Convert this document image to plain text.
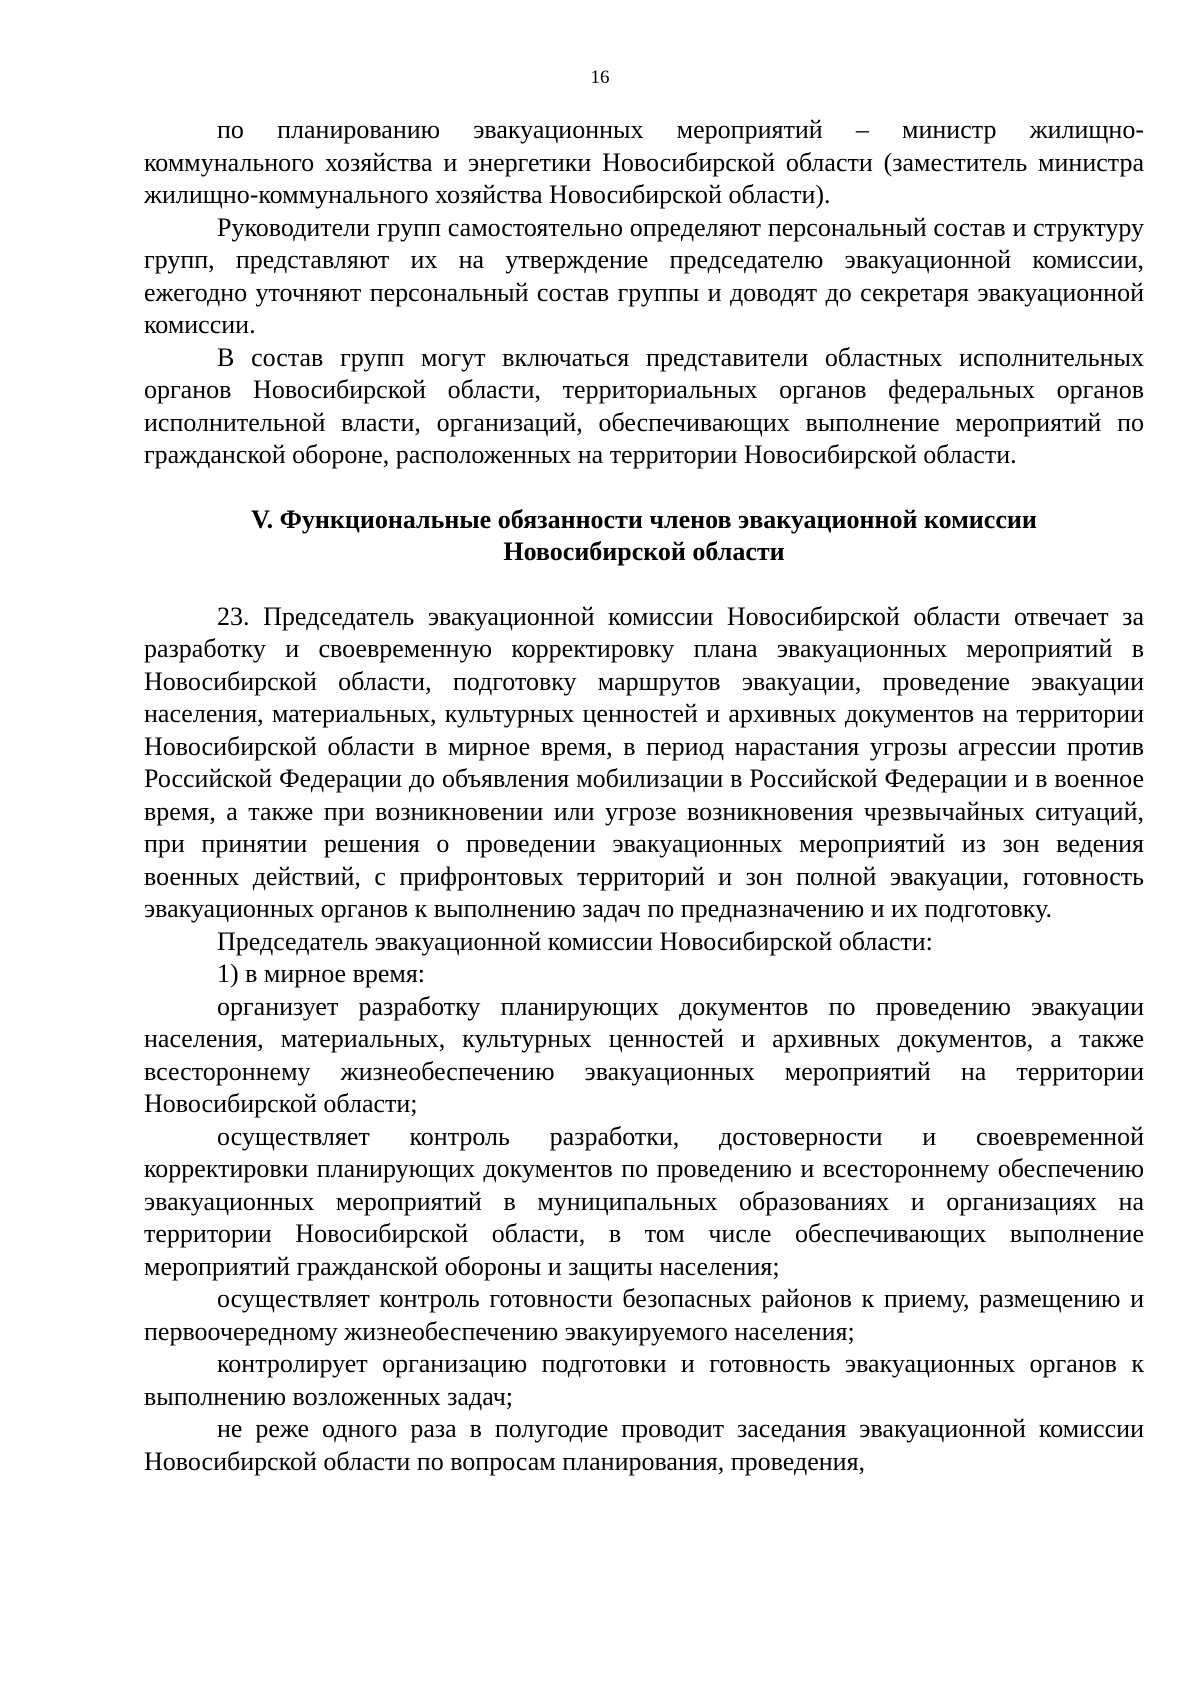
16

по планированию эвакуационных мероприятий – министр жилищно-коммунального хозяйства и энергетики Новосибирской области (заместитель министра жилищно-коммунального хозяйства Новосибирской области).

Руководители групп самостоятельно определяют персональный состав и структуру групп, представляют их на утверждение председателю эвакуационной комиссии, ежегодно уточняют персональный состав группы и доводят до секретаря эвакуационной комиссии.

В состав групп могут включаться представители областных исполнительных органов Новосибирской области, территориальных органов федеральных органов исполнительной власти, организаций, обеспечивающих выполнение мероприятий по гражданской обороне, расположенных на территории Новосибирской области.

V. Функциональные обязанности членов эвакуационной комиссии
Новосибирской области

23. Председатель эвакуационной комиссии Новосибирской области отвечает за разработку и своевременную корректировку плана эвакуационных мероприятий в Новосибирской области, подготовку маршрутов эвакуации, проведение эвакуации населения, материальных, культурных ценностей и архивных документов на территории Новосибирской области в мирное время, в период нарастания угрозы агрессии против Российской Федерации до объявления мобилизации в Российской Федерации и в военное время, а также при возникновении или угрозе возникновения чрезвычайных ситуаций, при принятии решения о проведении эвакуационных мероприятий из зон ведения военных действий, с прифронтовых территорий и зон полной эвакуации, готовность эвакуационных органов к выполнению задач по предназначению и их подготовку.

Председатель эвакуационной комиссии Новосибирской области:

1) в мирное время:

организует разработку планирующих документов по проведению эвакуации населения, материальных, культурных ценностей и архивных документов, а также всестороннему жизнеобеспечению эвакуационных мероприятий на территории Новосибирской области;

осуществляет контроль разработки, достоверности и своевременной корректировки планирующих документов по проведению и всестороннему обеспечению эвакуационных мероприятий в муниципальных образованиях и организациях на территории Новосибирской области, в том числе обеспечивающих выполнение мероприятий гражданской обороны и защиты населения;

осуществляет контроль готовности безопасных районов к приему, размещению и первоочередному жизнеобеспечению эвакуируемого населения;

контролирует организацию подготовки и готовность эвакуационных органов к выполнению возложенных задач;

не реже одного раза в полугодие проводит заседания эвакуационной комиссии Новосибирской области по вопросам планирования, проведения,
